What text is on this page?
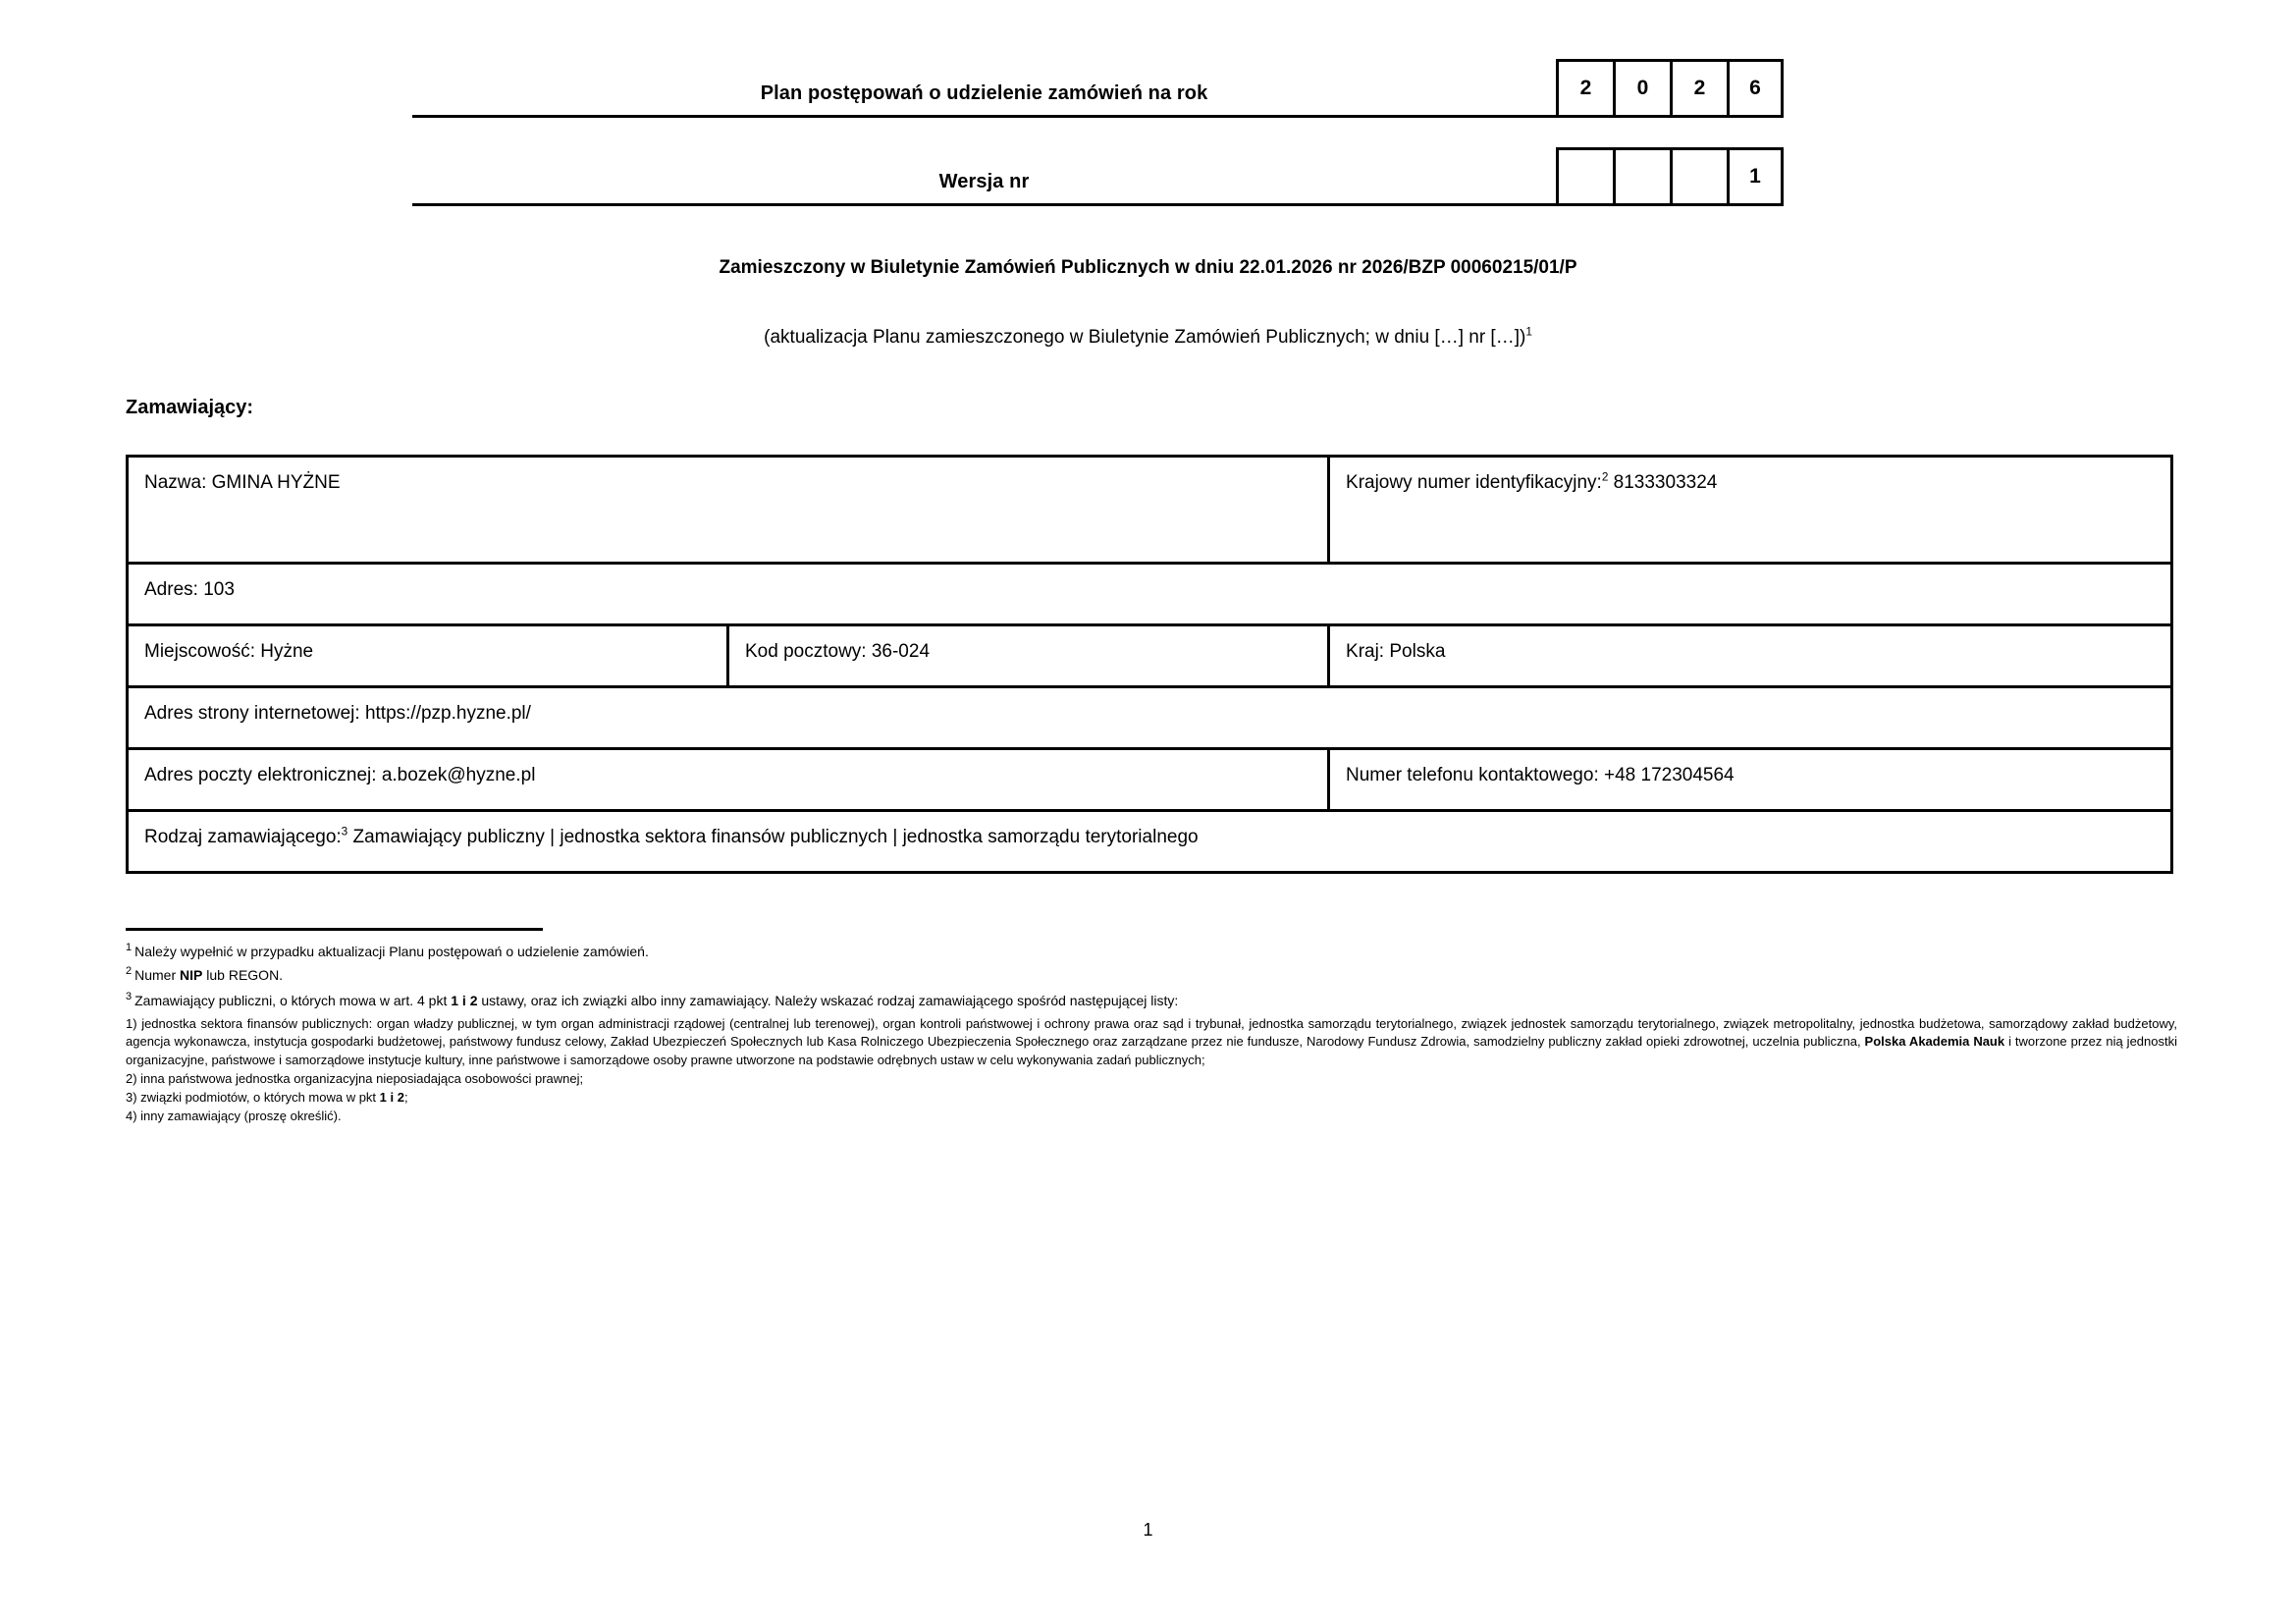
Plan postępowań o udzielenie zamówień na rok	2	0	2	6
Wersja nr	1
Zamieszczony w Biuletynie Zamówień Publicznych w dniu 22.01.2026 nr 2026/BZP 00060215/01/P
(aktualizacja Planu zamieszczonego w Biuletynie Zamówień Publicznych; w dniu […] nr […])$^1$
Zamawiający:
Nazwa: GMINA HYŻNE		Krajowy numer identyfikacyjny:$^2$ 8133303324
Adres: 103		
Miejscowość: Hyżne	Kod pocztowy: 36-024	Kraj: Polska
Adres strony internetowej: https://pzp.hyzne.pl/		
Adres poczty elektronicznej: a.bozek@hyzne.pl		Numer telefonu kontaktowego: +48 172304564
Rodzaj zamawiającego:$^3$ Zamawiający publiczny | jednostka sektora finansów publicznych | jednostka samorządu terytorialnego		

$^1$ Należy wypełnić w przypadku aktualizacji Planu postępowań o udzielenie zamówień.

$^2$ Numer NIP lub REGON.

$^3$ Zamawiający publiczni, o których mowa w art. 4 pkt 1 i 2 ustawy, oraz ich związki albo inny zamawiający. Należy wskazać rodzaj zamawiającego spośród następującej listy:

1) jednostka sektora finansów publicznych: organ władzy publicznej, w tym organ administracji rządowej (centralnej lub terenowej), organ kontroli państwowej i ochrony prawa oraz sąd i trybunał, jednostka samorządu terytorialnego, związek jednostek samorządu terytorialnego, związek metropolitalny, jednostka budżetowa, samorządowy zakład budżetowy, agencja wykonawcza, instytucja gospodarki budżetowej, państwowy fundusz celowy, Zakład Ubezpieczeń Społecznych lub Kasa Rolniczego Ubezpieczenia Społecznego oraz zarządzane przez nie fundusze, Narodowy Fundusz Zdrowia, samodzielny publiczny zakład opieki zdrowotnej, uczelnia publiczna, Polska Akademia Nauk i tworzone przez nią jednostki organizacyjne, państwowe i samorządowe instytucje kultury, inne państwowe i samorządowe osoby prawne utworzone na podstawie odrębnych ustaw w celu wykonywania zadań publicznych;

2) inna państwowa jednostka organizacyjna nieposiadająca osobowości prawnej;

3) związki podmiotów, o których mowa w pkt 1 i 2;

4) inny zamawiający (proszę określić).

1
